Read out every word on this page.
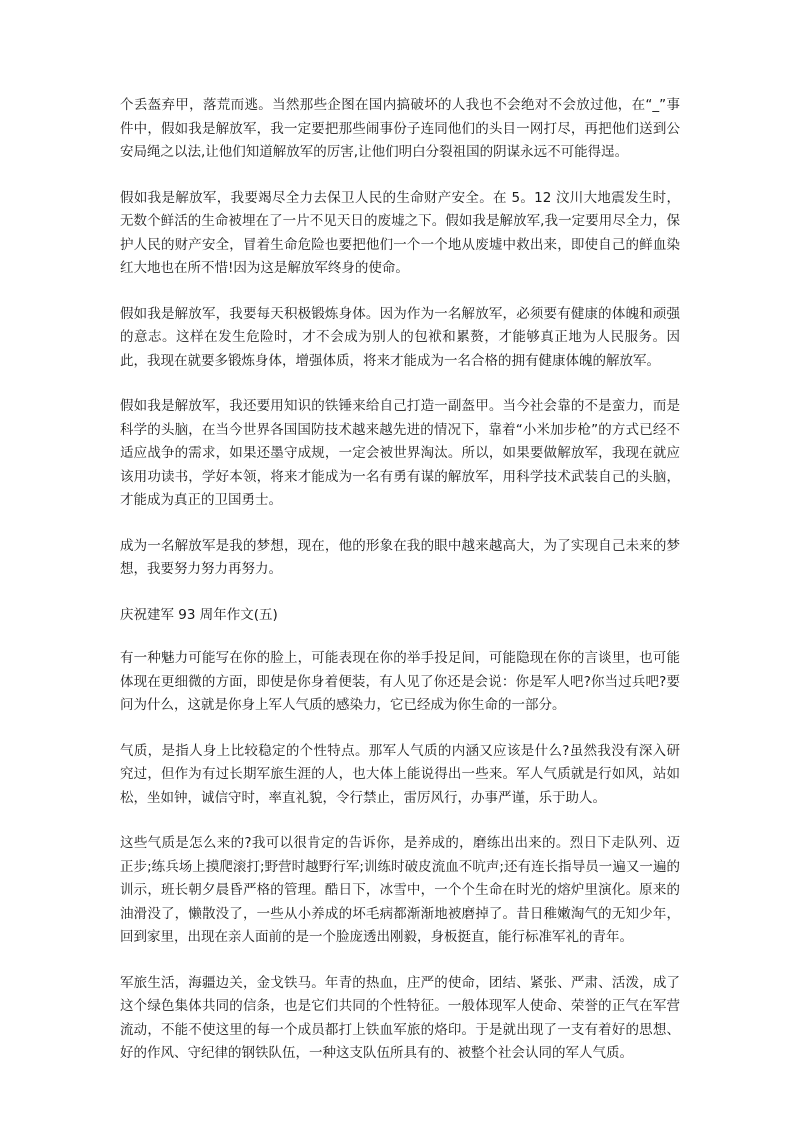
个丢盔弃甲，落荒而逃。当然那些企图在国内搞破坏的人我也不会绝对不会放过他，在“_”事件中，假如我是解放军，我一定要把那些闹事份子连同他们的头目一网打尽，再把他们送到公安局绳之以法,让他们知道解放军的厉害,让他们明白分裂祖国的阴谋永远不可能得逞。

假如我是解放军，我要竭尽全力去保卫人民的生命财产安全。在 5。12 汶川大地震发生时，无数个鲜活的生命被埋在了一片不见天日的废墟之下。假如我是解放军,我一定要用尽全力，保护人民的财产安全，冒着生命危险也要把他们一个一个地从废墟中救出来，即使自己的鲜血染红大地也在所不惜!因为这是解放军终身的使命。

假如我是解放军，我要每天积极锻炼身体。因为作为一名解放军，必须要有健康的体魄和顽强的意志。这样在发生危险时，才不会成为别人的包袱和累赘，才能够真正地为人民服务。因此，我现在就要多锻炼身体，增强体质，将来才能成为一名合格的拥有健康体魄的解放军。

假如我是解放军，我还要用知识的铁锤来给自己打造一副盔甲。当今社会靠的不是蛮力，而是科学的头脑，在当今世界各国国防技术越来越先进的情况下，靠着“小米加步枪”的方式已经不适应战争的需求，如果还墨守成规，一定会被世界淘汰。所以，如果要做解放军，我现在就应该用功读书，学好本领，将来才能成为一名有勇有谋的解放军，用科学技术武装自己的头脑，才能成为真正的卫国勇士。

成为一名解放军是我的梦想，现在，他的形象在我的眼中越来越高大，为了实现自己未来的梦想，我要努力努力再努力。

庆祝建军 93 周年作文(五)

有一种魅力可能写在你的脸上，可能表现在你的举手投足间，可能隐现在你的言谈里，也可能体现在更细微的方面，即使是你身着便装，有人见了你还是会说：你是军人吧?你当过兵吧?要问为什么，这就是你身上军人气质的感染力，它已经成为你生命的一部分。

气质，是指人身上比较稳定的个性特点。那军人气质的内涵又应该是什么?虽然我没有深入研究过，但作为有过长期军旅生涯的人，也大体上能说得出一些来。军人气质就是行如风，站如松，坐如钟，诚信守时，率直礼貌，令行禁止，雷厉风行，办事严谨，乐于助人。

这些气质是怎么来的?我可以很肯定的告诉你，是养成的，磨练出出来的。烈日下走队列、迈正步;练兵场上摸爬滚打;野营时越野行军;训练时破皮流血不吭声;还有连长指导员一遍又一遍的训示，班长朝夕晨昏严格的管理。酷日下，冰雪中，一个个生命在时光的熔炉里演化。原来的油滑没了，懒散没了，一些从小养成的坏毛病都渐渐地被磨掉了。昔日稚嫩淘气的无知少年，回到家里，出现在亲人面前的是一个脸庞透出刚毅，身板挺直，能行标准军礼的青年。

军旅生活，海疆边关，金戈铁马。年青的热血，庄严的使命，团结、紧张、严肃、活泼，成了这个绿色集体共同的信条，也是它们共同的个性特征。一般体现军人使命、荣誉的正气在军营流动，不能不使这里的每一个成员都打上铁血军旅的烙印。于是就出现了一支有着好的思想、好的作风、守纪律的钢铁队伍，一种这支队伍所具有的、被整个社会认同的军人气质。
